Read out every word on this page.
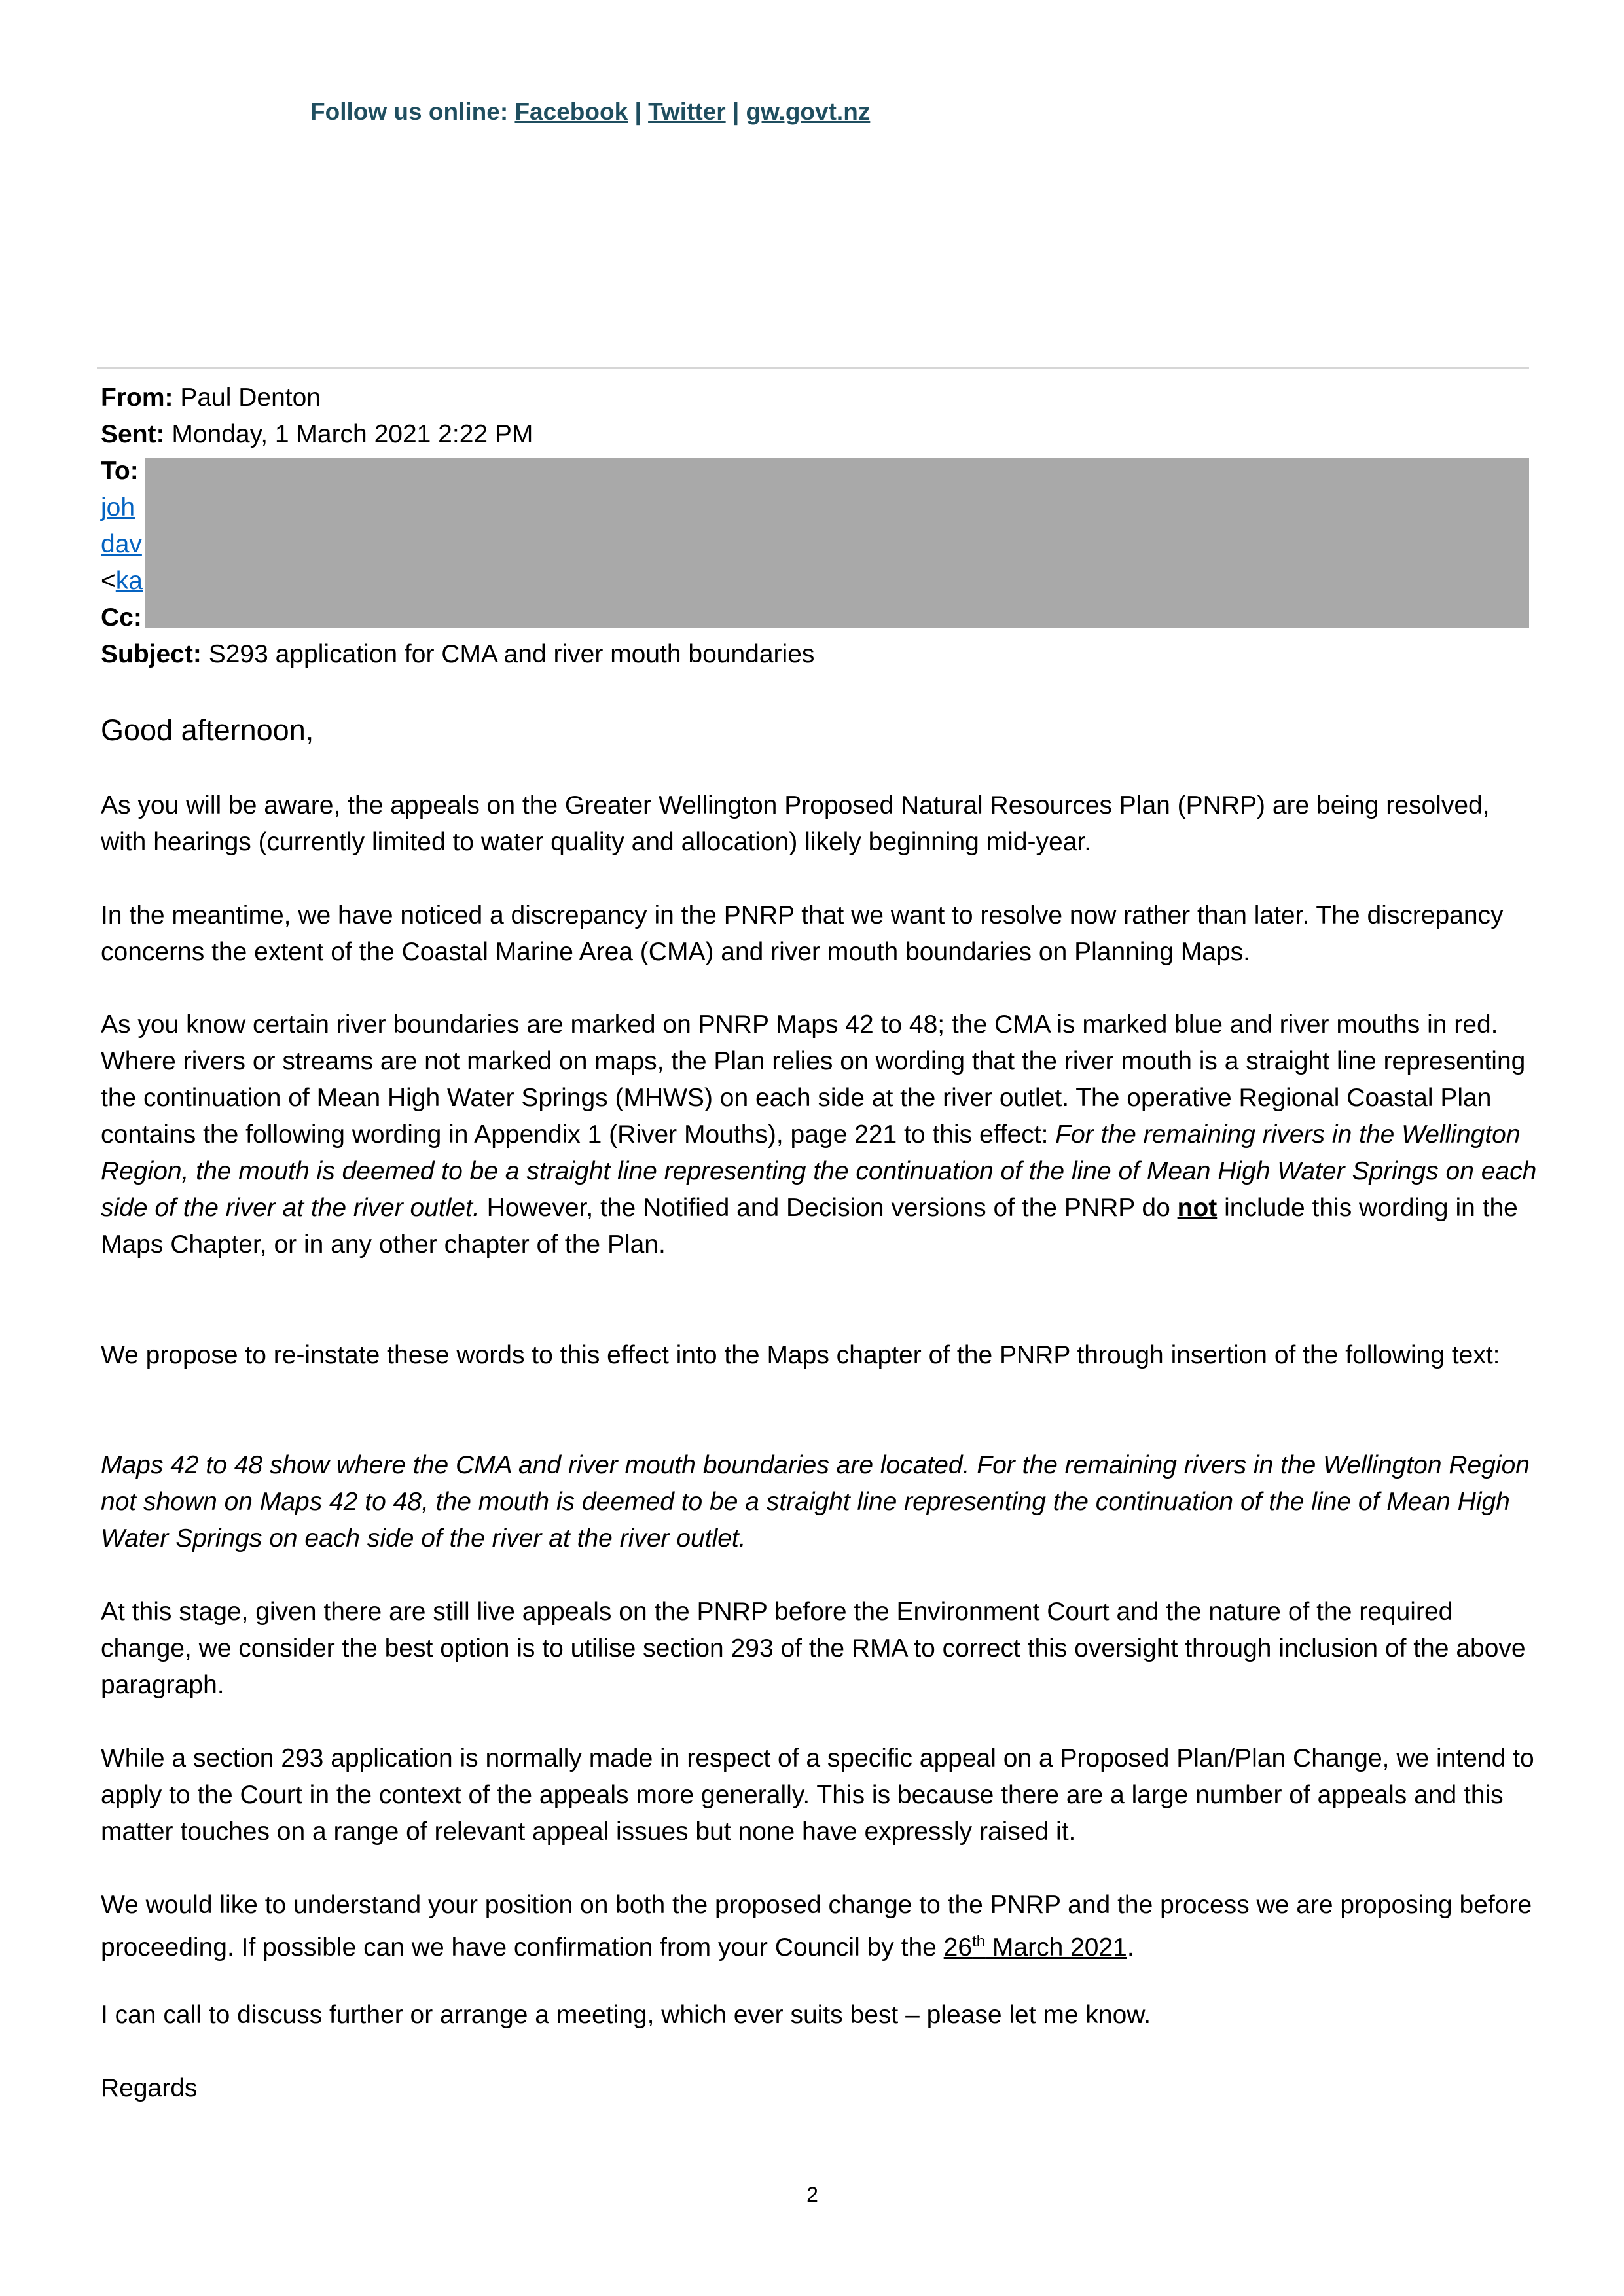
Follow us online: Facebook | Twitter | gw.govt.nz
From: Paul Denton
Sent: Monday, 1 March 2021 2:22 PM
To:
joh
dav
<ka
Cc:
Subject: S293 application for CMA and river mouth boundaries
Good afternoon,

As you will be aware, the appeals on the Greater Wellington Proposed Natural Resources Plan (PNRP) are being resolved, with hearings (currently limited to water quality and allocation) likely beginning mid-year.

In the meantime, we have noticed a discrepancy in the PNRP that we want to resolve now rather than later. The discrepancy concerns the extent of the Coastal Marine Area (CMA) and river mouth boundaries on Planning Maps.

As you know certain river boundaries are marked on PNRP Maps 42 to 48; the CMA is marked blue and river mouths in red. Where rivers or streams are not marked on maps, the Plan relies on wording that the river mouth is a straight line representing the continuation of Mean High Water Springs (MHWS) on each side at the river outlet. The operative Regional Coastal Plan contains the following wording in Appendix 1 (River Mouths), page 221 to this effect: For the remaining rivers in the Wellington Region, the mouth is deemed to be a straight line representing the continuation of the line of Mean High Water Springs on each side of the river at the river outlet. However, the Notified and Decision versions of the PNRP do not include this wording in the Maps Chapter, or in any other chapter of the Plan.

We propose to re-instate these words to this effect into the Maps chapter of the PNRP through insertion of the following text:

Maps 42 to 48 show where the CMA and river mouth boundaries are located. For the remaining rivers in the Wellington Region not shown on Maps 42 to 48, the mouth is deemed to be a straight line representing the continuation of the line of Mean High Water Springs on each side of the river at the river outlet.

At this stage, given there are still live appeals on the PNRP before the Environment Court and the nature of the required change, we consider the best option is to utilise section 293 of the RMA to correct this oversight through inclusion of the above paragraph.

While a section 293 application is normally made in respect of a specific appeal on a Proposed Plan/Plan Change, we intend to apply to the Court in the context of the appeals more generally. This is because there are a large number of appeals and this matter touches on a range of relevant appeal issues but none have expressly raised it.

We would like to understand your position on both the proposed change to the PNRP and the process we are proposing before proceeding. If possible can we have confirmation from your Council by the 26th March 2021.

I can call to discuss further or arrange a meeting, which ever suits best – please let me know.

Regards

2
